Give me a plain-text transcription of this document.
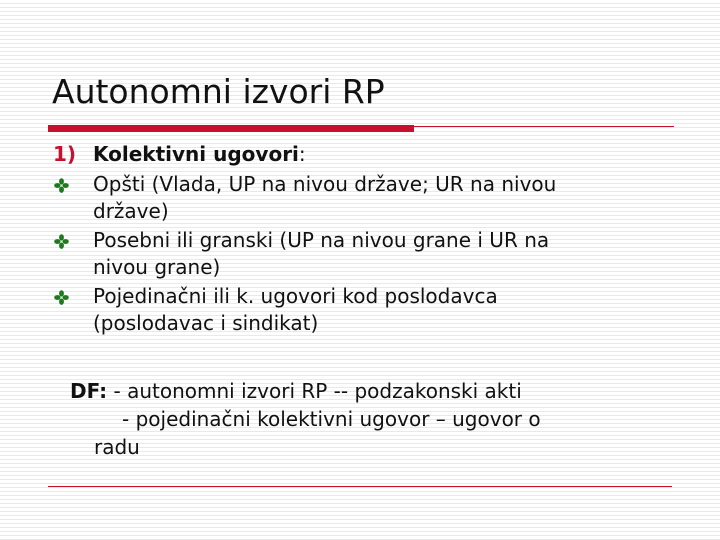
Autonomni izvori RP
1) Kolektivni ugovori:
Opšti (Vlada, UP na nivou države; UR na nivou
države)
Posebni ili granski (UP na nivou grane i UR na
nivou grane)
Pojedinačni ili k. ugovori kod poslodavca
(poslodavac i sindikat)
DF: - autonomni izvori RP -- podzakonski akti
- pojedinačni kolektivni ugovor – ugovor o
radu
